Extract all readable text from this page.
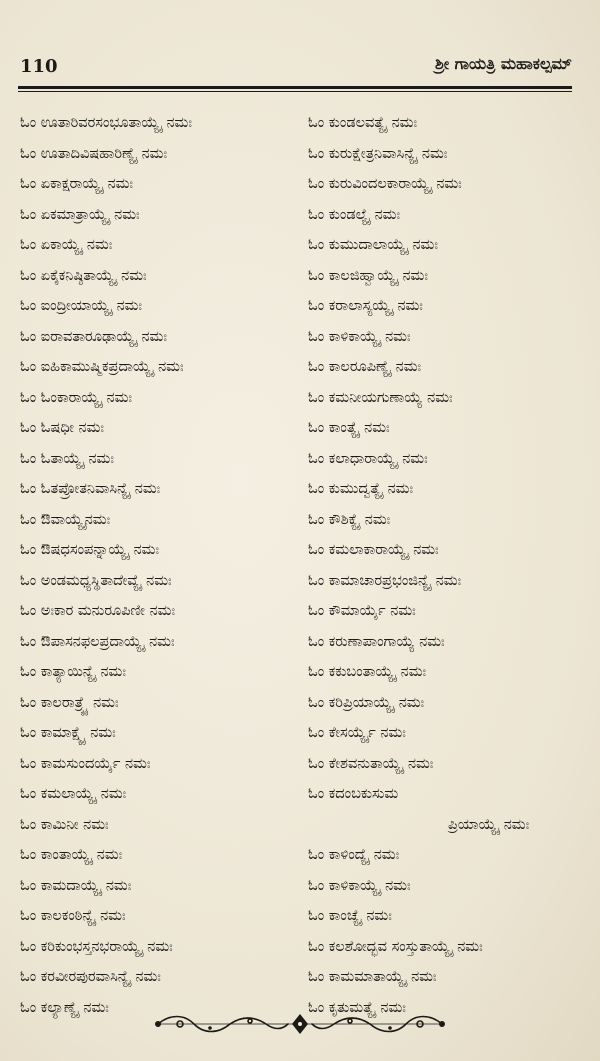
110	ಶ್ರೀ ಗಾಯತ್ರಿ ಮಹಾಕಲ್ಪಮ್
ಓಂ ಊತಾರಿವರಸಂಭೂತಾಯ್ಯೈ ನಮಃ
ಓಂ ಊತಾದಿವಿಷಹಾರಿಣ್ಯೈ ನಮಃ
ಓಂ ಏಕಾಕ್ಷರಾಯ್ಯೈ ನಮಃ
ಓಂ ಏಕಮಾತ್ರಾಯ್ಯೈ ನಮಃ
ಓಂ ಏಕಾಯ್ಯೈ ನಮಃ
ಓಂ ಏಕೈಕನಿಷ್ಠಿತಾಯ್ಯೈ ನಮಃ
ಓಂ ಐಂದ್ರೀಯಾಯ್ಯೈ ನಮಃ
ಓಂ ಐರಾವತಾರೂಢಾಯ್ಯೈ ನಮಃ
ಓಂ ಐಹಿಕಾಮುಷ್ಮಿಕಪ್ರದಾಯ್ಯೈ ನಮಃ
ಓಂ ಓಂಕಾರಾಯ್ಯೈ ನಮಃ
ಓಂ ಓಷಧೀ ನಮಃ
ಓಂ ಓತಾಯ್ಯೈ ನಮಃ
ಓಂ ಓತಪ್ರೋತನಿವಾಸಿನ್ಯೈ ನಮಃ
ಓಂ ಔವಾಯ್ಯೈನಮಃ
ಓಂ ಔಷಧಸಂಪನ್ನಾಯ್ಯೈ ನಮಃ
ಓಂ ಅಂಡಮಧ್ಯಸ್ಥಿತಾದೇವ್ಯೈ ನಮಃ
ಓಂ ಅಃಕಾರ ಮನುರೂಪಿಣೀ ನಮಃ
ಓಂ ಔಪಾಸನಫಲಪ್ರದಾಯ್ಯೈ ನಮಃ
ಓಂ ಕಾತ್ಯಾಯಿನ್ಯೈ ನಮಃ
ಓಂ ಕಾಲರಾತ್ರ್ಯೈ ನಮಃ
ಓಂ ಕಾಮಾಕ್ಷ್ಯೈ ನಮಃ
ಓಂ ಕಾಮಸುಂದರ್ಯೈ ನಮಃ
ಓಂ ಕಮಲಾಯ್ಯೈ ನಮಃ
ಓಂ ಕಾಮಿನೀ ನಮಃ
ಓಂ ಕಾಂತಾಯ್ಯೈ ನಮಃ
ಓಂ ಕಾಮದಾಯ್ಯೈ ನಮಃ
ಓಂ ಕಾಲಕಂಠಿನ್ಯೈ ನಮಃ
ಓಂ ಕರಿಕುಂಭಸ್ತನಭರಾಯ್ಯೈ ನಮಃ
ಓಂ ಕರವೀರಪುರವಾಸಿನ್ಯೈ ನಮಃ
ಓಂ ಕಲ್ಯಾಣ್ಯೈ ನಮಃ
ಓಂ ಕುಂಡಲವತ್ಯೈ ನಮಃ
ಓಂ ಕುರುಕ್ಷೇತ್ರನಿವಾಸಿನ್ಯೈ ನಮಃ
ಓಂ ಕುರುವಿಂದಲಕಾರಾಯ್ಯೈ ನಮಃ
ಓಂ ಕುಂಡಲ್ಯೈ ನಮಃ
ಓಂ ಕುಮುದಾಲಾಯ್ಯೈ ನಮಃ
ಓಂ ಕಾಲಜಿಹ್ವಾಯ್ಯೈ ನಮಃ
ಓಂ ಕರಾಲಾಸ್ಯಯ್ಯೈ ನಮಃ
ಓಂ ಕಾಳಿಕಾಯ್ಯೈ ನಮಃ
ಓಂ ಕಾಲರೂಪಿಣ್ಯೈ ನಮಃ
ಓಂ ಕಮನೀಯಗುಣಾಯ್ಯೆ ನಮಃ
ಓಂ ಕಾಂತ್ಯೈ ನಮಃ
ಓಂ ಕಲಾಧಾರಾಯ್ಯೈ ನಮಃ
ಓಂ ಕುಮುದ್ವತ್ಯೈ ನಮಃ
ಓಂ ಕೌಶಿಕ್ಯೈ ನಮಃ
ಓಂ ಕಮಲಾಕಾರಾಯ್ಯೈ ನಮಃ
ಓಂ ಕಾಮಾಚಾರಪ್ರಭಂಜಿನ್ಯೈ ನಮಃ
ಓಂ ಕೌಮಾರ್ಯೈ ನಮಃ
ಓಂ ಕರುಣಾಪಾಂಗಾಯ್ಯೆ ನಮಃ
ಓಂ ಕಕುಬಂತಾಯ್ಯೈ ನಮಃ
ಓಂ ಕರಿಪ್ರಿಯಾಯ್ಯೈ ನಮಃ
ಓಂ ಕೇಸರ್ಯ್ಯೈ ನಮಃ
ಓಂ ಕೇಶವನುತಾಯ್ಯೈ ನಮಃ
ಓಂ ಕದಂಬಕುಸುಮ
ಪ್ರಿಯಾಯ್ಯೈ ನಮಃ
ಓಂ ಕಾಳಿಂದ್ಯೈ ನಮಃ
ಓಂ ಕಾಳಿಕಾಯ್ಯೈ ನಮಃ
ಓಂ ಕಾಂಚ್ಯೈ ನಮಃ
ಓಂ ಕಲಶೋದ್ಭವ ಸಂಸ್ತುತಾಯ್ಯೈ ನಮಃ
ಓಂ ಕಾಮಮಾತಾಯ್ಯೈ ನಮಃ
ಓಂ ಕೃತುಮತ್ಯೈ ನಮಃ
